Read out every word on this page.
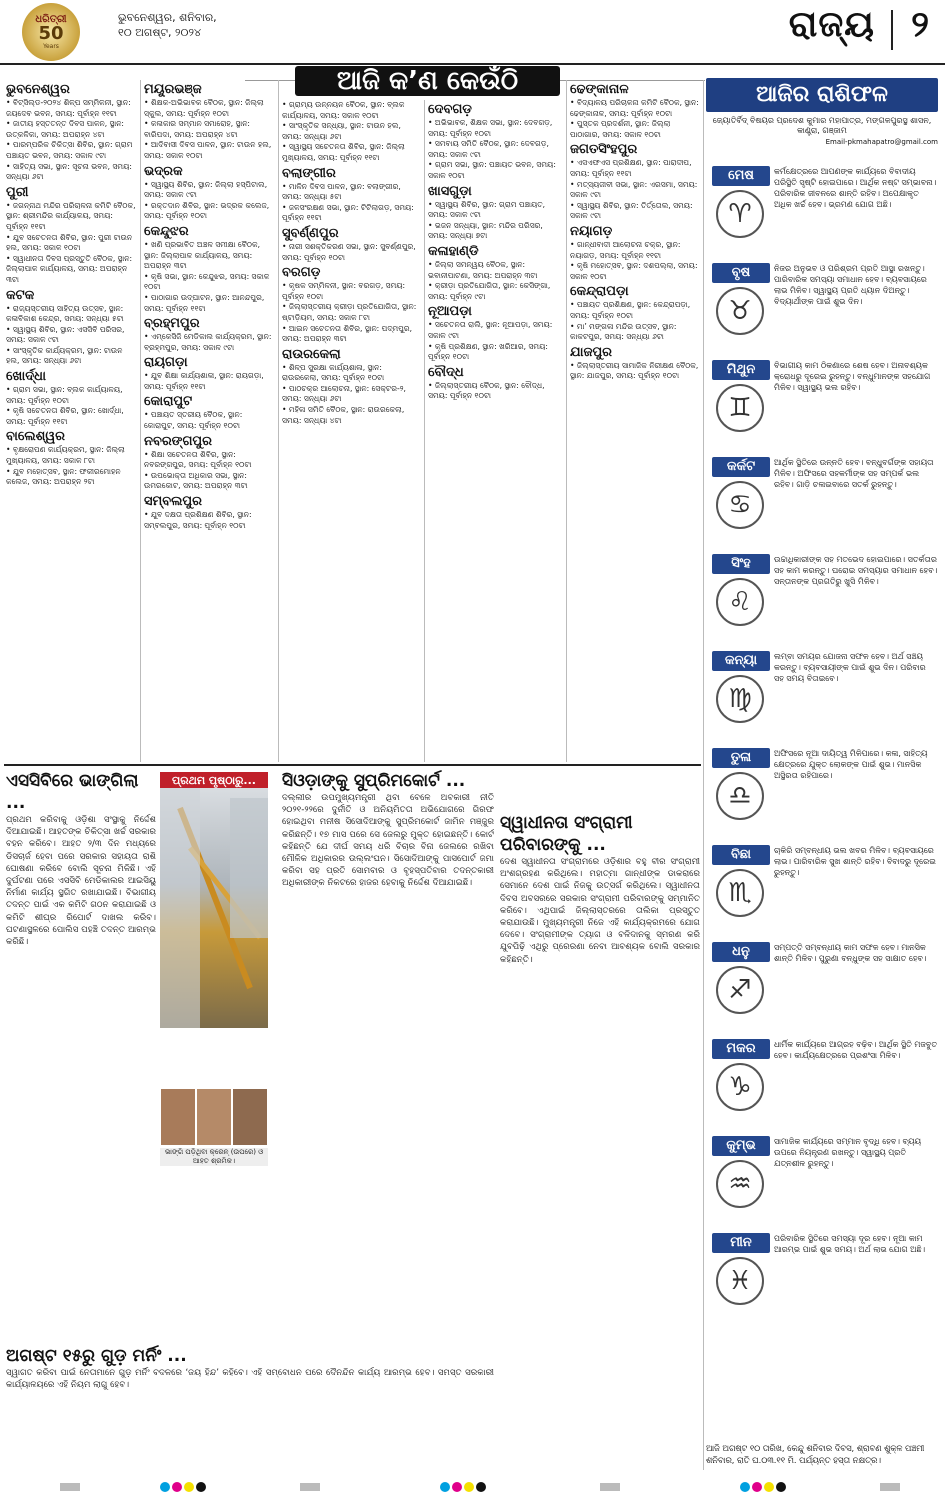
ଧରିତ୍ରୀ
50
Years
ଭୁବନେଶ୍ୱର, ଶନିବାର,
୧୦ ଅଗଷ୍ଟ, ୨୦୨୪	ରାଜ୍ୟ ୨
ଆଜି କ’ଣ କେଉଁଠି
ଭୁବନେଶ୍ୱର
• ବିଟ୍‌ସିଲ୍ଡ-୨୦୨୪ ଶିଳ୍ପ ସମ୍ମିଳନୀ, ସ୍ଥାନ: ଜୟଦେବ ଭବନ, ସମୟ: ପୂର୍ବାହ୍ନ ୧୧ଟା
• ଜାତୀୟ ହସ୍ତତନ୍ତ ଦିବସ ପାଳନ, ସ୍ଥାନ: ଉତ୍କଳିକା, ସମୟ: ଅପରାହ୍ନ ୪ଟା
• ପାରମ୍ପରିକ ଚିକିତ୍ସା ଶିବିର, ସ୍ଥାନ: ଗ୍ରାମ ପଞ୍ଚାୟତ ଭବନ, ସମୟ: ସକାଳ ୯ଟା
• ସାହିତ୍ୟ ସଭା, ସ୍ଥାନ: ସୂଚନା ଭବନ, ସମୟ: ସନ୍ଧ୍ୟା ୬ଟା
ପୁରୀ
• ଜଗନ୍ନାଥ ମନ୍ଦିର ପରିଚାଳନା କମିଟି ବୈଠକ, ସ୍ଥାନ: ଶ୍ରୀମନ୍ଦିର କାର୍ଯ୍ୟାଳୟ, ସମୟ: ପୂର୍ବାହ୍ନ ୧୧ଟା
• ଯୁବ ସଚେତନତା ଶିବିର, ସ୍ଥାନ: ପୁରୀ ଟାଉନ ହଲ, ସମୟ: ସକାଳ ୧୦ଟା
• ସ୍ୱାଧୀନତା ଦିବସ ପ୍ରସ୍ତୁତି ବୈଠକ, ସ୍ଥାନ: ଜିଲ୍ଲାପାଳ କାର୍ଯ୍ୟାଳୟ, ସମୟ: ଅପରାହ୍ନ ୩ଟା
କଟକ
• ରାଜ୍ୟସ୍ତରୀୟ ସାହିତ୍ୟ ଉତ୍ସବ, ସ୍ଥାନ: କଳାବିକାଶ କେନ୍ଦ୍ର, ସମୟ: ସନ୍ଧ୍ୟା ୫ଟା
• ସ୍ୱାସ୍ଥ୍ୟ ଶିବିର, ସ୍ଥାନ: ଏସସିବି ପରିସର, ସମୟ: ସକାଳ ୯ଟା
• ସାଂସ୍କୃତିକ କାର୍ଯ୍ୟକ୍ରମ, ସ୍ଥାନ: ଟାଉନ ହଲ, ସମୟ: ସନ୍ଧ୍ୟା ୬ଟା
ଖୋର୍ଦ୍ଧା
• ଗ୍ରାମ ସଭା, ସ୍ଥାନ: ବ୍ଲକ କାର୍ଯ୍ୟାଳୟ, ସମୟ: ପୂର୍ବାହ୍ନ ୧୦ଟା
• କୃଷି ସଚେତନତା ଶିବିର, ସ୍ଥାନ: ଖୋର୍ଦ୍ଧା, ସମୟ: ପୂର୍ବାହ୍ନ ୧୧ଟା
ବାଲେଶ୍ୱର
• ବୃକ୍ଷରୋପଣ କାର୍ଯ୍ୟକ୍ରମ, ସ୍ଥାନ: ଜିଲ୍ଲା ମୁଖ୍ୟାଳୟ, ସମୟ: ସକାଳ ୮ଟା
• ଯୁବ ମହୋତ୍ସବ, ସ୍ଥାନ: ଫକୀରମୋହନ କଲେଜ, ସମୟ: ଅପରାହ୍ନ ୨ଟା
ମୟୂରଭଞ୍ଜ
• ଶିକ୍ଷକ-ଅଭିଭାବକ ବୈଠକ, ସ୍ଥାନ: ଜିଲ୍ଲା ସ୍କୁଲ, ସମୟ: ପୂର୍ବାହ୍ନ ୧୦ଟା
• କଳାକାର ସମ୍ମାନ ସମାରୋହ, ସ୍ଥାନ: ବାରିପଦା, ସମୟ: ଅପରାହ୍ନ ୪ଟା
• ଆଦିବାସୀ ଦିବସ ପାଳନ, ସ୍ଥାନ: ଟାଉନ ହଲ, ସମୟ: ସକାଳ ୧୦ଟା
ଭଦ୍ରକ
• ସ୍ୱାସ୍ଥ୍ୟ ଶିବିର, ସ୍ଥାନ: ଜିଲ୍ଲା ହସ୍ପିଟାଲ, ସମୟ: ସକାଳ ୯ଟା
• ରକ୍ତଦାନ ଶିବିର, ସ୍ଥାନ: ଭଦ୍ରକ କଲେଜ, ସମୟ: ପୂର୍ବାହ୍ନ ୧୦ଟା
କେନ୍ଦୁଝର
• ଖଣି ପ୍ରଭାବିତ ଅଞ୍ଚଳ ସମୀକ୍ଷା ବୈଠକ, ସ୍ଥାନ: ଜିଲ୍ଲାପାଳ କାର୍ଯ୍ୟାଳୟ, ସମୟ: ଅପରାହ୍ନ ୩ଟା
• କୃଷି ସଭା, ସ୍ଥାନ: କେନ୍ଦୁଝର, ସମୟ: ସକାଳ ୧୦ଟା
• ପାଠାଗାର ଉଦ୍‌ଘାଟନ, ସ୍ଥାନ: ଆନନ୍ଦପୁର, ସମୟ: ପୂର୍ବାହ୍ନ ୧୧ଟା
ବ୍ରହ୍ମପୁର
• ଏମ୍‌କେସିଜି ମେଡିକାଲ କାର୍ଯ୍ୟକ୍ରମ, ସ୍ଥାନ: ବ୍ରହ୍ମପୁର, ସମୟ: ସକାଳ ୯ଟା
ରାୟଗଡ଼ା
• ଯୁବ ଶିକ୍ଷା କାର୍ଯ୍ୟଶାଳା, ସ୍ଥାନ: ରାୟଗଡ଼ା, ସମୟ: ପୂର୍ବାହ୍ନ ୧୧ଟା
କୋରାପୁଟ
• ପଞ୍ଚାୟତ ସ୍ତରୀୟ ବୈଠକ, ସ୍ଥାନ: କୋରାପୁଟ, ସମୟ: ପୂର୍ବାହ୍ନ ୧୦ଟା
ନବରଙ୍ଗପୁର
• ଶିକ୍ଷା ସଚେତନତା ଶିବିର, ସ୍ଥାନ: ନବରଙ୍ଗପୁର, ସମୟ: ପୂର୍ବାହ୍ନ ୧୦ଟା
• ଉପଭୋକ୍ତା ଅଧିକାର ସଭା, ସ୍ଥାନ: ଉମରକୋଟ, ସମୟ: ଅପରାହ୍ନ ୩ଟା
ସମ୍ବଲପୁର
• ଯୁବ ଦକ୍ଷତା ପ୍ରଶିକ୍ଷଣ ଶିବିର, ସ୍ଥାନ: ସମ୍ବଲପୁର, ସମୟ: ପୂର୍ବାହ୍ନ ୧୦ଟା
• ଗ୍ରାମ୍ୟ ଉନ୍ନୟନ ବୈଠକ, ସ୍ଥାନ: ବ୍ଲକ କାର୍ଯ୍ୟାଳୟ, ସମୟ: ସକାଳ ୧୦ଟା
• ସାଂସ୍କୃତିକ ସନ୍ଧ୍ୟା, ସ୍ଥାନ: ଟାଉନ ହଲ, ସମୟ: ସନ୍ଧ୍ୟା ୬ଟା
• ସ୍ୱାସ୍ଥ୍ୟ ସଚେତନତା ଶିବିର, ସ୍ଥାନ: ଜିଲ୍ଲା ମୁଖ୍ୟାଳୟ, ସମୟ: ପୂର୍ବାହ୍ନ ୧୧ଟା
ବଲାଙ୍ଗୀର
• ମାଳିନ ଦିବସ ପାଳନ, ସ୍ଥାନ: ବଲାଙ୍ଗୀର, ସମୟ: ସନ୍ଧ୍ୟା ୫ଟା
• ଜଳସଂରକ୍ଷଣ ସଭା, ସ୍ଥାନ: ଟିଟିଲାଗଡ଼, ସମୟ: ପୂର୍ବାହ୍ନ ୧୧ଟା
ସୁବର୍ଣ୍ଣପୁର
• ନାରୀ ସଶକ୍ତିକରଣ ସଭା, ସ୍ଥାନ: ସୁବର୍ଣ୍ଣପୁର, ସମୟ: ପୂର୍ବାହ୍ନ ୧୦ଟା
ବରଗଡ଼
• କୃଷକ ସମ୍ମିଳନୀ, ସ୍ଥାନ: ବରଗଡ଼, ସମୟ: ପୂର୍ବାହ୍ନ ୧୦ଟା
• ଜିଲ୍ଲାସ୍ତରୀୟ କ୍ରୀଡ଼ା ପ୍ରତିଯୋଗିତା, ସ୍ଥାନ: ଷ୍ଟାଡ଼ିୟମ, ସମୟ: ସକାଳ ୮ଟା
• ଆଇନ ସଚେତନତା ଶିବିର, ସ୍ଥାନ: ପଦ୍ମପୁର, ସମୟ: ଅପରାହ୍ନ ୩ଟା
ରାଉରକେଲା
• ଶିଳ୍ପ ସୁରକ୍ଷା କାର୍ଯ୍ୟଶାଳା, ସ୍ଥାନ: ରାଉରକେଲା, ସମୟ: ପୂର୍ବାହ୍ନ ୧୦ଟା
• ପାଠଚକ୍ର ଆଲୋଚନା, ସ୍ଥାନ: ସେକ୍ଟର-୨, ସମୟ: ସନ୍ଧ୍ୟା ୬ଟା
• ମହିଳା ସମିତି ବୈଠକ, ସ୍ଥାନ: ରାଉରକେଲା, ସମୟ: ସନ୍ଧ୍ୟା ୪ଟା
ଦେବଗଡ଼
• ଅଭିଭାବକ, ଶିକ୍ଷକ ସଭା, ସ୍ଥାନ: ଦେବଗଡ଼, ସମୟ: ପୂର୍ବାହ୍ନ ୧୦ଟା
• ସମବାୟ ସମିତି ବୈଠକ, ସ୍ଥାନ: ଦେବଗଡ଼, ସମୟ: ସକାଳ ୯ଟା
• ଗ୍ରାମ ସଭା, ସ୍ଥାନ: ପଞ୍ଚାୟତ ଭବନ, ସମୟ: ସକାଳ ୧୦ଟା
ଖାସଗୁଡ଼ା
• ସ୍ୱାସ୍ଥ୍ୟ ଶିବିର, ସ୍ଥାନ: ଗ୍ରାମ ପଞ୍ଚାୟତ, ସମୟ: ସକାଳ ୯ଟା
• ଭଜନ ସନ୍ଧ୍ୟା, ସ୍ଥାନ: ମନ୍ଦିର ପରିସର, ସମୟ: ସନ୍ଧ୍ୟା ୭ଟା
କଳାହାଣ୍ଡି
• ଜିଲ୍ଲା ସମନ୍ୱୟ ବୈଠକ, ସ୍ଥାନ: ଭବାନୀପାଟଣା, ସମୟ: ଅପରାହ୍ନ ୩ଟା
• କ୍ରୀଡ଼ା ପ୍ରତିଯୋଗିତା, ସ୍ଥାନ: କେସିଙ୍ଗା, ସମୟ: ପୂର୍ବାହ୍ନ ୯ଟା
ନୂଆପଡ଼ା
• ସଚେତନତା ରାଲି, ସ୍ଥାନ: ନୂଆପଡ଼ା, ସମୟ: ସକାଳ ୯ଟା
• କୃଷି ପ୍ରଶିକ୍ଷଣ, ସ୍ଥାନ: ଖରିଆର, ସମୟ: ପୂର୍ବାହ୍ନ ୧୦ଟା
ବୌଦ୍ଧ
• ଜିଲ୍ଲାସ୍ତରୀୟ ବୈଠକ, ସ୍ଥାନ: ବୌଦ୍ଧ, ସମୟ: ପୂର୍ବାହ୍ନ ୧୦ଟା
ଢେଙ୍କାନାଳ
• ବିଦ୍ୟାଳୟ ପରିଚାଳନା କମିଟି ବୈଠକ, ସ୍ଥାନ: ଢେଙ୍କାନାଳ, ସମୟ: ପୂର୍ବାହ୍ନ ୧୦ଟା
• ପୁସ୍ତକ ପ୍ରଦର୍ଶନୀ, ସ୍ଥାନ: ଜିଲ୍ଲା ପାଠାଗାର, ସମୟ: ସକାଳ ୧୦ଟା
ଜଗତସିଂହପୁର
• ଏସଏଫଏସ ପ୍ରଶିକ୍ଷଣ, ସ୍ଥାନ: ପାରାଦୀପ, ସମୟ: ପୂର୍ବାହ୍ନ ୧୧ଟା
• ମତ୍ସ୍ୟଜୀବୀ ସଭା, ସ୍ଥାନ: ଏରସମା, ସମୟ: ସକାଳ ୯ଟା
• ସ୍ୱାସ୍ଥ୍ୟ ଶିବିର, ସ୍ଥାନ: ତିର୍ତ୍ତୋଲ, ସମୟ: ସକାଳ ୯ଟା
ନୟାଗଡ଼
• ଗାନ୍ଧୀବାଦୀ ଆଲୋଚନା ଚକ୍ର, ସ୍ଥାନ: ନୟାଗଡ଼, ସମୟ: ପୂର୍ବାହ୍ନ ୧୧ଟା
• କୃଷି ମହୋତ୍ସବ, ସ୍ଥାନ: ଦଶପଲ୍ଲା, ସମୟ: ସକାଳ ୧୦ଟା
କେନ୍ଦ୍ରାପଡ଼ା
• ପଞ୍ଚାୟତ ପ୍ରଶିକ୍ଷଣ, ସ୍ଥାନ: କେନ୍ଦ୍ରାପଡ଼ା, ସମୟ: ପୂର୍ବାହ୍ନ ୧୦ଟା
• ମା’ ମଙ୍ଗଳା ମନ୍ଦିର ଉତ୍ସବ, ସ୍ଥାନ: କାକଟପୁର, ସମୟ: ସନ୍ଧ୍ୟା ୬ଟା
ଯାଜପୁର
• ଜିଲ୍ଲାସ୍ତରୀୟ ସାମାଜିକ ନିରୀକ୍ଷଣ ବୈଠକ, ସ୍ଥାନ: ଯାଜପୁର, ସମୟ: ପୂର୍ବାହ୍ନ ୧୦ଟା
ଆଜିର ରାଶିଫଳ
ଜ୍ୟୋତିର୍ବିଦ୍ ବିଷୟର ପ୍ରଦେଶ କୁମାର ମହାପାତ୍ର, ମଙ୍ଗଳପୁରସ୍ଥ ଶାସନ, କାଣ୍ଡ୍ରା, ଗଞ୍ଜାମ
Email-pkmahapatro@gmail.com
ମେଷ
♈
କର୍ମକ୍ଷେତ୍ରରେ ଆପଣଙ୍କ କାର୍ଯ୍ୟରେ ବିବାଦୀୟ ପରିସ୍ଥିତି ସୃଷ୍ଟି ହୋଇପାରେ। ଆର୍ଥିକ ନଷ୍ଟ ସମ୍ଭାବନା। ପରିବାରିକ ଜୀବନରେ ଶାନ୍ତି ରହିବ। ଅପେକ୍ଷାକୃତ ଅଧିକ ଖର୍ଚ୍ଚ ହେବ। ଭ୍ରମଣ ଯୋଗ ଅଛି।
ବୃଷ
♉
ନିଜର ଅନୁଭବ ଓ ପରିଶ୍ରମ ପ୍ରତି ଆସ୍ଥା ରଖନ୍ତୁ। ପାରିବାରିକ ସମସ୍ୟା ସମାଧାନ ହେବ। ବ୍ୟବସାୟରେ ଲାଭ ମିଳିବ। ସ୍ୱାସ୍ଥ୍ୟ ପ୍ରତି ଧ୍ୟାନ ଦିଅନ୍ତୁ। ବିଦ୍ୟାର୍ଥୀଙ୍କ ପାଇଁ ଶୁଭ ଦିନ।
ମିଥୁନ
♊
ବିଭାଗୀୟ କାମ ଠିକଣାରେ ଶେଷ ହେବ। ଅନାବଶ୍ୟକ କ୍ରୋଧରୁ ଦୂରେଇ ରୁହନ୍ତୁ। ବନ୍ଧୁମାନଙ୍କ ସହଯୋଗ ମିଳିବ। ସ୍ୱାସ୍ଥ୍ୟ ଭଲ ରହିବ।
କର୍କଟ
♋
ଆର୍ଥିକ ସ୍ଥିତିରେ ଉନ୍ନତି ହେବ। ବନ୍ଧୁବର୍ଗଙ୍କ ସହାୟତା ମିଳିବ। ଅଫିସରେ ସହକର୍ମୀଙ୍କ ସହ ସମ୍ପର୍କ ଭଲ ରହିବ। ଗାଡ଼ି ଚଳାଇବାରେ ସତର୍କ ରୁହନ୍ତୁ।
ସିଂହ
♌
ଉଚ୍ଚାଧିକାରୀଙ୍କ ସହ ମତଭେଦ ହୋଇପାରେ। ସତର୍କତାର ସହ କାମ କରନ୍ତୁ। ଘରୋଇ ସମସ୍ୟାର ସମାଧାନ ହେବ। ସନ୍ତାନଙ୍କ ପ୍ରଗତିରୁ ଖୁସି ମିଳିବ।
କନ୍ୟା
♍
ଲମ୍ବା ସମୟର ଯୋଜନା ସଫଳ ହେବ। ଅର୍ଥ ସଞ୍ଚୟ କରନ୍ତୁ। ବ୍ୟବସାୟୀଙ୍କ ପାଇଁ ଶୁଭ ଦିନ। ପରିବାର ସହ ସମୟ ବିତାଇବେ।
ତୁଳା
♎
ଅଫିସରେ ନୂଆ ଦାୟିତ୍ୱ ମିଳିପାରେ। କଳା, ସାହିତ୍ୟ କ୍ଷେତ୍ରରେ ଯୁକ୍ତ ଲୋକଙ୍କ ପାଇଁ ଶୁଭ। ମାନସିକ ଅସ୍ଥିରତା ରହିପାରେ।
ବିଛା
♏
ଚାକିରି ସମ୍ବନ୍ଧୀୟ ଭଲ ଖବର ମିଳିବ। ବ୍ୟବସାୟରେ ଲାଭ। ପାରିବାରିକ ସୁଖ ଶାନ୍ତି ରହିବ। ବିବାଦରୁ ଦୂରେଇ ରୁହନ୍ତୁ।
ଧନୁ
♐
ସମ୍ପତ୍ତି ସମ୍ବନ୍ଧୀୟ କାମ ସଫଳ ହେବ। ମାନସିକ ଶାନ୍ତି ମିଳିବ। ପୁରୁଣା ବନ୍ଧୁଙ୍କ ସହ ସାକ୍ଷାତ ହେବ।
ମକର
♑
ଧାର୍ମିକ କାର୍ଯ୍ୟରେ ଆଗ୍ରହ ବଢ଼ିବ। ଆର୍ଥିକ ସ୍ଥିତି ମଜବୁତ ହେବ। କାର୍ଯ୍ୟକ୍ଷେତ୍ରରେ ପ୍ରଶଂସା ମିଳିବ।
କୁମ୍ଭ
♒
ସାମାଜିକ କାର୍ଯ୍ୟରେ ସମ୍ମାନ ବୃଦ୍ଧି ହେବ। ବ୍ୟୟ ଉପରେ ନିୟନ୍ତ୍ରଣ ରଖନ୍ତୁ। ସ୍ୱାସ୍ଥ୍ୟ ପ୍ରତି ଯତ୍ନଶୀଳ ରୁହନ୍ତୁ।
ମୀନ
♓
ପରିବାରିକ ସ୍ଥିତିରେ ସମସ୍ୟା ଦୂର ହେବ। ନୂଆ କାମ ଆରମ୍ଭ ପାଇଁ ଶୁଭ ସମୟ। ଅର୍ଥ ଲାଭ ଯୋଗ ଅଛି।
ଆଜି ଅଗଷ୍ଟ ୧୦ ତାରିଖ, କେନ୍ଦୁ ଶନିବାର ଦିବସ, ଶ୍ରାବଣ ଶୁକ୍ଳ ପଞ୍ଚମୀ ଶନିବାର, ରାତି ଘ.୦୩.୧୧ ମି. ପର୍ଯ୍ୟନ୍ତ ହସ୍ତା ନକ୍ଷତ୍ର।
ଏସସିବିରେ ଭାଙ୍ଗିଲା ...
ପ୍ରଥମ କରିବାକୁ ଓଡ଼ିଶା ସଂସ୍ଥାକୁ ନିର୍ଦ୍ଦେଶ ଦିଆଯାଇଛି। ଆହତଙ୍କ ଚିକିତ୍ସା ଖର୍ଚ୍ଚ ସରକାର ବହନ କରିବେ। ଆହତ ୨/୩ ଦିନ ମଧ୍ୟରେ ଡିସଚାର୍ଜ ହେବା ପରେ ସରକାର ସହାୟତା ରାଶି ଘୋଷଣା କରିବେ ବୋଲି ସୂଚନା ମିଳିଛି। ଏହି ଦୁର୍ଘଟଣା ପରେ ଏସସିବି ମେଡିକାଲର ଆଇସିୟୁ ନିର୍ମାଣ କାର୍ଯ୍ୟ ସ୍ଥଗିତ ରଖାଯାଇଛି। ବିଭାଗୀୟ ତଦନ୍ତ ପାଇଁ ଏକ କମିଟି ଗଠନ କରାଯାଇଛି ଓ କମିଟି ଶୀଘ୍ର ରିପୋର୍ଟ ଦାଖଲ କରିବ। ଘଟଣାସ୍ଥଳରେ ପୋଲିସ ପହଞ୍ଚି ତଦନ୍ତ ଆରମ୍ଭ କରିଛି।
ପ୍ରଥମ ପୃଷ୍ଠାରୁ...
ଭାଙ୍ଗି ପଡ଼ିଥିବା କ୍ରେନ୍ (ଉପରେ) ଓ ଆହତ ଶ୍ରମିକ।
ଅଗଷ୍ଟ ୧୫ରୁ ଗୁଡ଼ ମର୍ନିଂ ...
ସ୍ୱାଗତ କରିବା ପାଇଁ ନେତାମାନେ ଗୁଡ଼ ମର୍ନିଂ ବଦଳରେ ‘ଜୟ ହିନ୍ଦ’ କହିବେ। ଏହି ସମ୍ବୋଧନ ପରେ ଦୈନନ୍ଦିନ କାର୍ଯ୍ୟ ଆରମ୍ଭ ହେବ। ସମସ୍ତ ସରକାରୀ କାର୍ଯ୍ୟାଳୟରେ ଏହି ନିୟମ ଲାଗୁ ହେବ।
ସିଓଡ଼ାଙ୍କୁ ସୁପ୍ରିମକୋର୍ଟ ...
ଦଲ୍ଲୀର ଉପମୁଖ୍ୟମନ୍ତ୍ରୀ ଥିବା ବେଳେ ଅବକାରୀ ନୀତି ୨୦୨୧-୨୨ରେ ଦୁର୍ନୀତି ଓ ଅନିୟମିତତା ଅଭିଯୋଗରେ ଗିରଫ ହୋଇଥିବା ମନୀଷ ସିସୋଦିଆଙ୍କୁ ସୁପ୍ରିମକୋର୍ଟ ଜାମିନ ମଞ୍ଜୁର କରିଛନ୍ତି। ୧୭ ମାସ ପରେ ସେ ଜେଲରୁ ମୁକ୍ତ ହୋଇଛନ୍ତି। କୋର୍ଟ କହିଛନ୍ତି ଯେ ଦୀର୍ଘ ସମୟ ଧରି ବିଚାର ବିନା ଜେଲରେ ରଖିବା ମୌଳିକ ଅଧିକାରର ଉଲ୍ଲଂଘନ। ସିସୋଦିଆଙ୍କୁ ପାସପୋର୍ଟ ଜମା କରିବା ସହ ପ୍ରତି ସୋମବାର ଓ ବୃହସ୍ପତିବାର ତଦନ୍ତକାରୀ ଅଧିକାରୀଙ୍କ ନିକଟରେ ହାଜର ହେବାକୁ ନିର୍ଦ୍ଦେଶ ଦିଆଯାଇଛି।
ସ୍ୱାଧୀନତା ସଂଗ୍ରାମୀ ପରିବାରଙ୍କୁ ...
ଦେଶ ସ୍ୱାଧୀନତା ସଂଗ୍ରାମରେ ଓଡ଼ିଶାର ବହୁ ବୀର ସଂଗ୍ରାମୀ ଅଂଶଗ୍ରହଣ କରିଥିଲେ। ମହାତ୍ମା ଗାନ୍ଧୀଙ୍କ ଡାକରାରେ ସେମାନେ ଦେଶ ପାଇଁ ନିଜକୁ ଉତ୍ସର୍ଗ କରିଥିଲେ। ସ୍ୱାଧୀନତା ଦିବସ ଅବସରରେ ସରକାର ସଂଗ୍ରାମୀ ପରିବାରଙ୍କୁ ସମ୍ମାନିତ କରିବେ। ଏଥିପାଇଁ ଜିଲ୍ଲାସ୍ତରରେ ତାଲିକା ପ୍ରସ୍ତୁତ କରାଯାଉଛି। ମୁଖ୍ୟମନ୍ତ୍ରୀ ନିଜେ ଏହି କାର୍ଯ୍ୟକ୍ରମରେ ଯୋଗ ଦେବେ। ସଂଗ୍ରାମୀଙ୍କ ତ୍ୟାଗ ଓ ବଳିଦାନକୁ ସ୍ମରଣ କରି ଯୁବପିଢ଼ି ଏଥିରୁ ପ୍ରେରଣା ନେବା ଆବଶ୍ୟକ ବୋଲି ସରକାର କହିଛନ୍ତି।
